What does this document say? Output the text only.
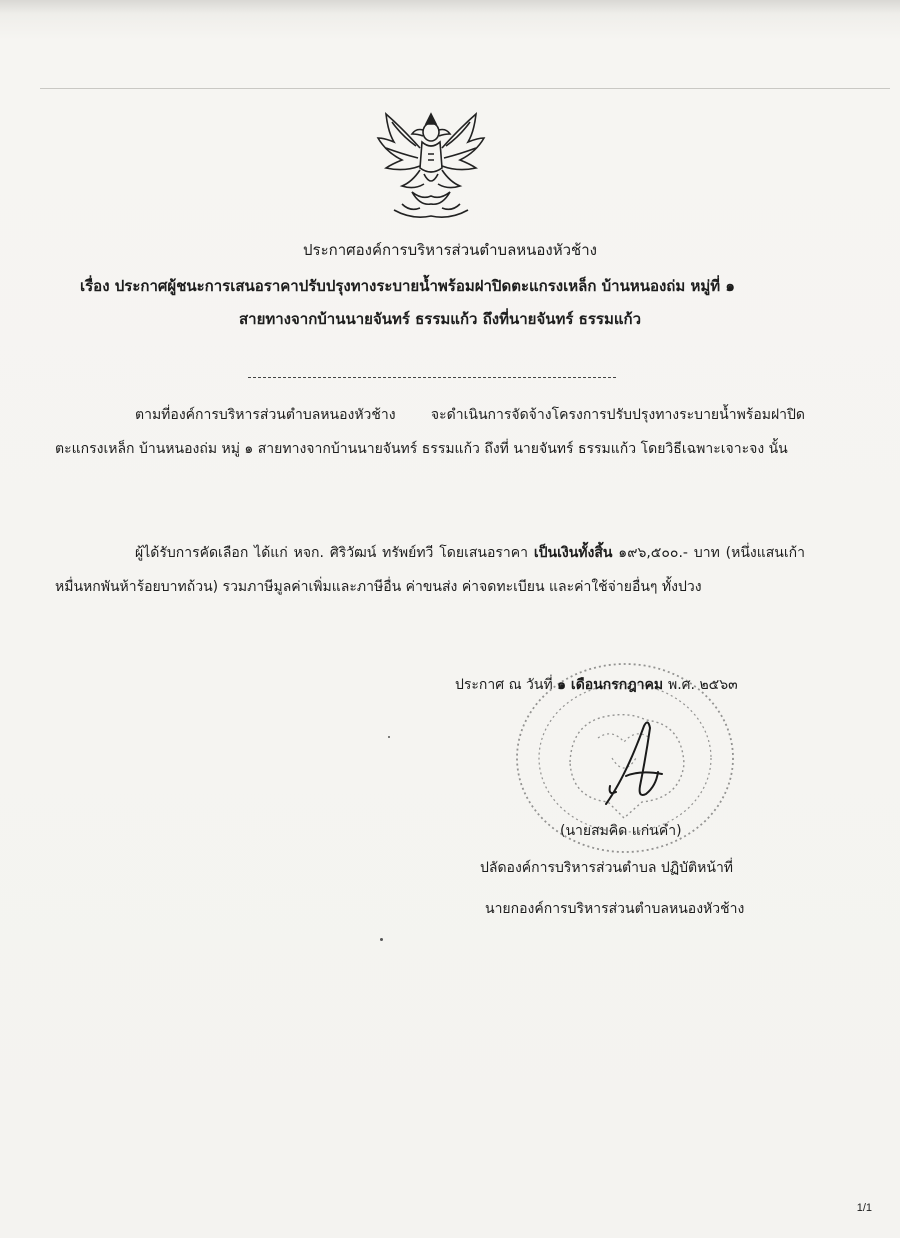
ประกาศองค์การบริหารส่วนตำบลหนองหัวช้าง
เรื่อง ประกาศผู้ชนะการเสนอราคาปรับปรุงทางระบายน้ำพร้อมฝาปิดตะแกรงเหล็ก บ้านหนองถ่ม หมู่ที่ ๑
สายทางจากบ้านนายจันทร์ ธรรมแก้ว ถึงที่นายจันทร์ ธรรมแก้ว
ตามที่องค์การบริหารส่วนตำบลหนองหัวช้าง จะดำเนินการจัดจ้างโครงการปรับปรุงทางระบายน้ำพร้อมฝาปิดตะแกรงเหล็ก บ้านหนองถ่ม หมู่ ๑ สายทางจากบ้านนายจันทร์ ธรรมแก้ว ถึงที่ นายจันทร์ ธรรมแก้ว โดยวิธีเฉพาะเจาะจง นั้น
ผู้ได้รับการคัดเลือก ได้แก่ หจก. ศิริวัฒน์ ทรัพย์ทวี โดยเสนอราคา เป็นเงินทั้งสิ้น ๑๙๖,๕๐๐.- บาท (หนึ่งแสนเก้าหมื่นหกพันห้าร้อยบาทถ้วน) รวมภาษีมูลค่าเพิ่มและภาษีอื่น ค่าขนส่ง ค่าจดทะเบียน และค่าใช้จ่ายอื่นๆ ทั้งปวง
ประกาศ ณ วันที่ ๑ เดือนกรกฎาคม พ.ศ. ๒๕๖๓
(นายสมคิด แก่นคำ)
ปลัดองค์การบริหารส่วนตำบล ปฏิบัติหน้าที่
นายกองค์การบริหารส่วนตำบลหนองหัวช้าง
1/1
